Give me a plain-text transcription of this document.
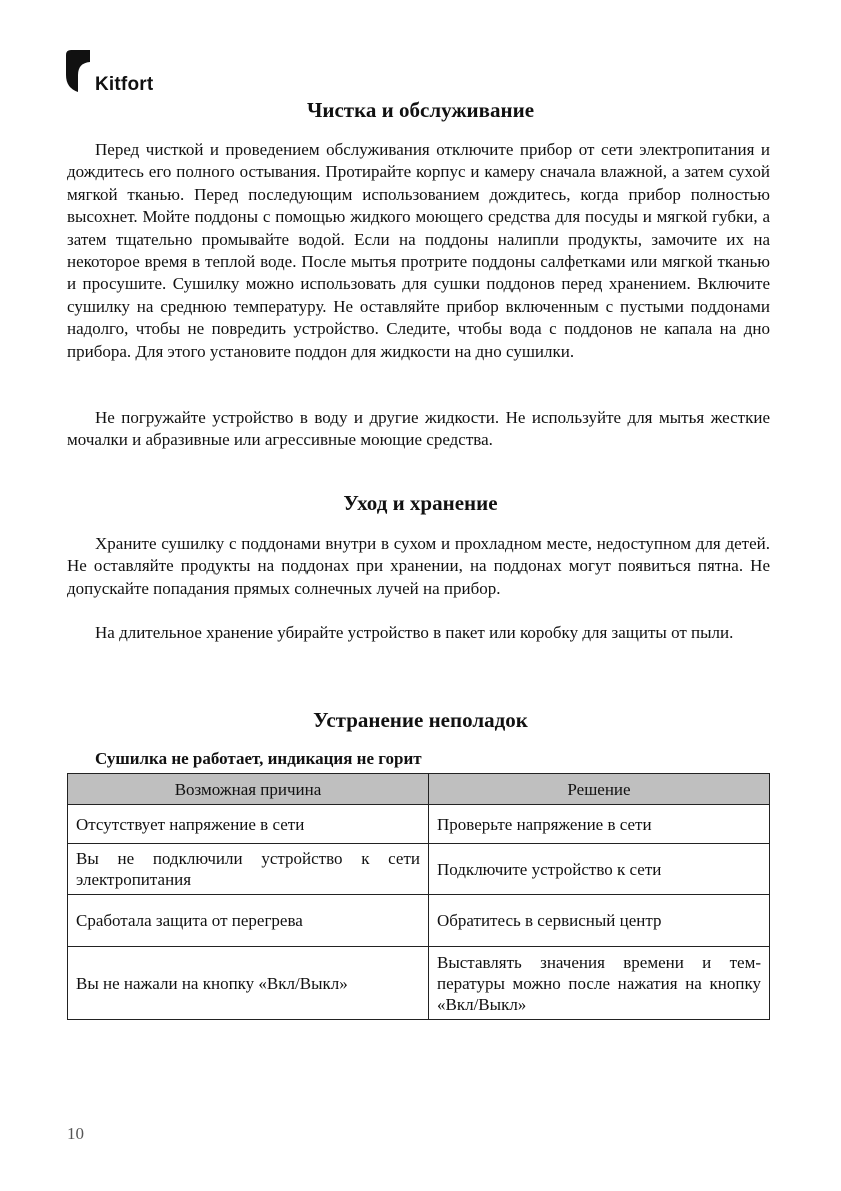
Kitfort
Чистка и обслуживание

Перед чисткой и проведением обслуживания отключите прибор от сети электропитания и дождитесь его полного остывания. Протирайте корпус и камеру сначала влажной, а затем сухой мягкой тканью. Перед последующим использованием дождитесь, когда прибор полностью высохнет. Мойте поддоны с помощью жидкого моющего средства для посуды и мягкой губки, а затем тщательно промывайте водой. Если на поддоны налипли продукты, замочите их на некоторое время в теплой воде. После мытья протрите поддоны салфетками или мягкой тканью и просушите. Сушилку можно использовать для сушки поддонов перед хранением. Включите сушилку на среднюю температуру. Не оставляйте прибор включенным с пустыми поддонами надолго, чтобы не повредить устройство. Следите, чтобы вода с поддонов не капала на дно прибора. Для этого установите поддон для жидкости на дно сушилки.

Не погружайте устройство в воду и другие жидкости. Не используйте для мытья жесткие мочалки и абразивные или агрессивные моющие средства.

Уход и хранение

Храните сушилку с поддонами внутри в сухом и прохладном месте, недоступном для детей. Не оставляйте продукты на поддонах при хранении, на поддонах могут появиться пятна. Не допускайте попадания прямых солнечных лучей на прибор.

На длительное хранение убирайте устройство в пакет или коробку для защиты от пыли.

Устранение неполадок

Сушилка не работает, индикация не горит

Возможная причина	Решение
Отсутствует напряжение в сети	Проверьте напряжение в сети
Вы не подключили устройство к сети электропитания	Подключите устройство к сети
Сработала защита от перегрева	Обратитесь в сервисный центр
Вы не нажали на кнопку «Вкл/Выкл»	Выставлять значения времени и температуры можно после нажатия на кнопку «Вкл/Выкл»
10
